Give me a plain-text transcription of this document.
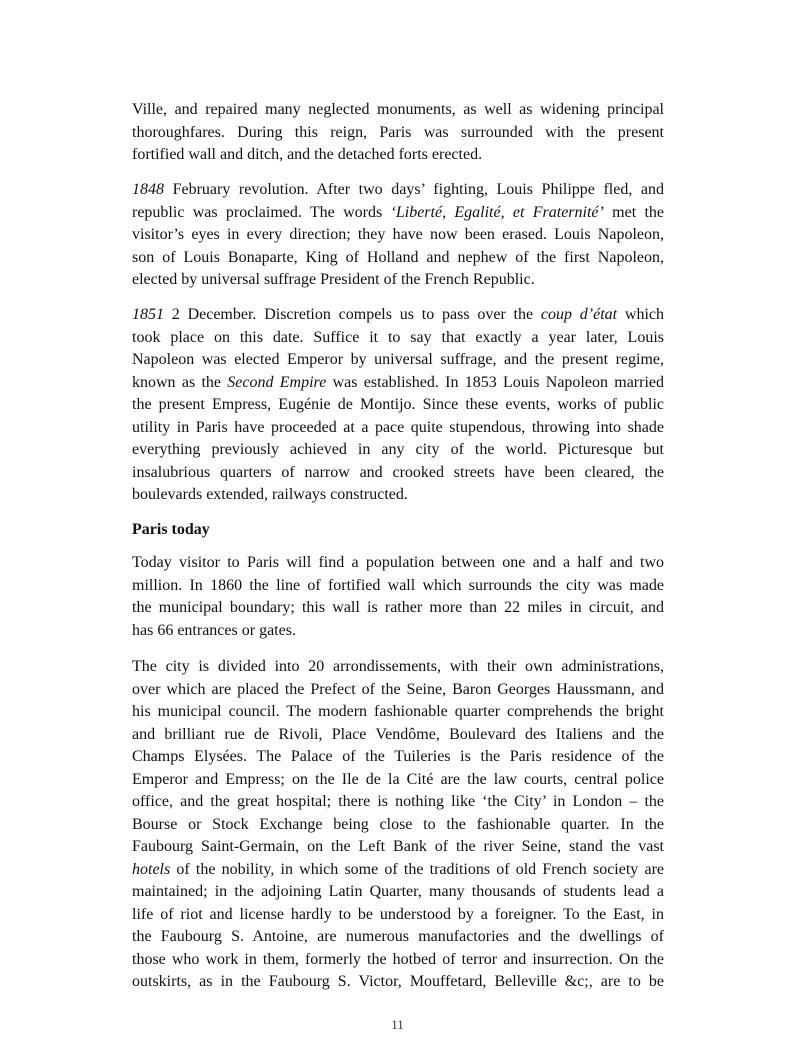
Ville, and repaired many neglected monuments, as well as widening principal
thoroughfares. During this reign, Paris was surrounded with the present
fortified wall and ditch, and the detached forts erected.
1848 February revolution. After two days’ fighting, Louis Philippe fled, and
republic was proclaimed. The words ‘Liberté, Egalité, et Fraternité’ met the
visitor’s eyes in every direction; they have now been erased. Louis Napoleon,
son of Louis Bonaparte, King of Holland and nephew of the first Napoleon,
elected by universal suffrage President of the French Republic.
1851 2 December. Discretion compels us to pass over the coup d’état which
took place on this date. Suffice it to say that exactly a year later, Louis
Napoleon was elected Emperor by universal suffrage, and the present regime,
known as the Second Empire was established. In 1853 Louis Napoleon married
the present Empress, Eugénie de Montijo. Since these events, works of public
utility in Paris have proceeded at a pace quite stupendous, throwing into shade
everything previously achieved in any city of the world. Picturesque but
insalubrious quarters of narrow and crooked streets have been cleared, the
boulevards extended, railways constructed.
Paris today
Today visitor to Paris will find a population between one and a half and two
million. In 1860 the line of fortified wall which surrounds the city was made
the municipal boundary; this wall is rather more than 22 miles in circuit, and
has 66 entrances or gates.
The city is divided into 20 arrondissements, with their own administrations,
over which are placed the Prefect of the Seine, Baron Georges Haussmann, and
his municipal council. The modern fashionable quarter comprehends the bright
and brilliant rue de Rivoli, Place Vendôme, Boulevard des Italiens and the
Champs Elysées. The Palace of the Tuileries is the Paris residence of the
Emperor and Empress; on the Ile de la Cité are the law courts, central police
office, and the great hospital; there is nothing like ‘the City’ in London – the
Bourse or Stock Exchange being close to the fashionable quarter. In the
Faubourg Saint-Germain, on the Left Bank of the river Seine, stand the vast
hotels of the nobility, in which some of the traditions of old French society are
maintained; in the adjoining Latin Quarter, many thousands of students lead a
life of riot and license hardly to be understood by a foreigner. To the East, in
the Faubourg S. Antoine, are numerous manufactories and the dwellings of
those who work in them, formerly the hotbed of terror and insurrection. On the
outskirts, as in the Faubourg S. Victor, Mouffetard, Belleville &c;, are to be
11
